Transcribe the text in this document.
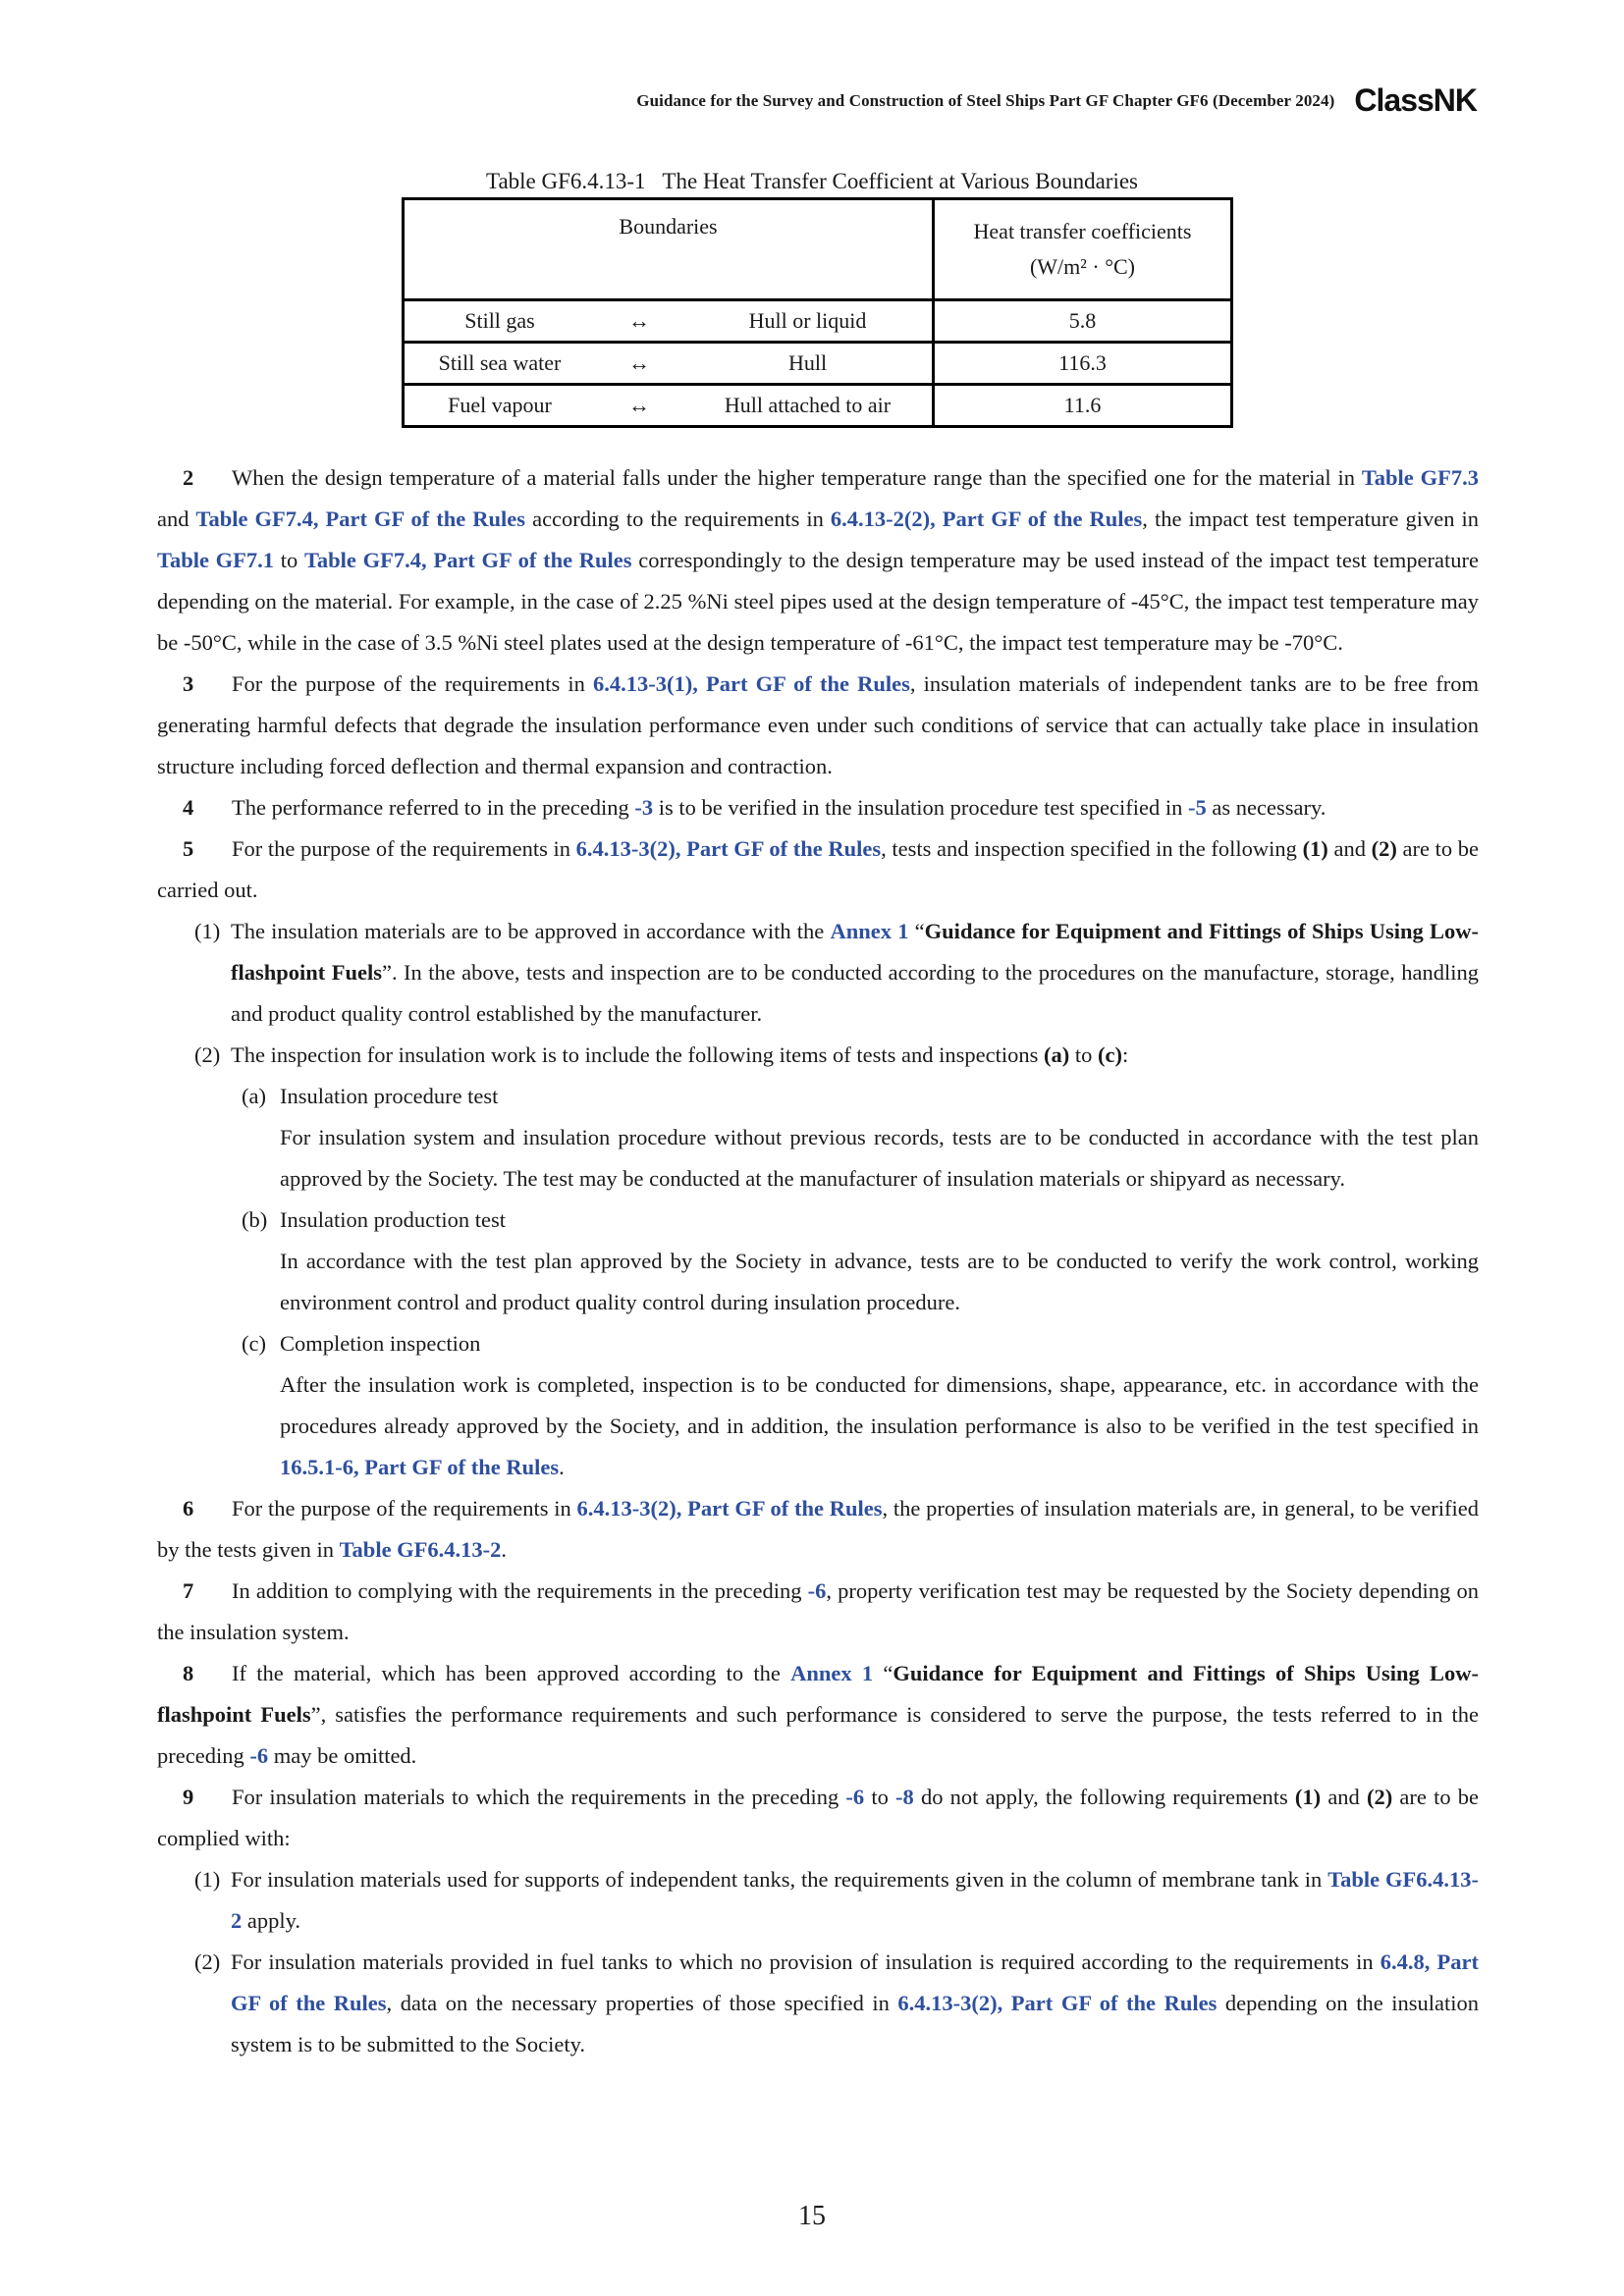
Guidance for the Survey and Construction of Steel Ships Part GF Chapter GF6 (December 2024) ClassNK
Table GF6.4.13-1   The Heat Transfer Coefficient at Various Boundaries
Boundaries	Heat transfer coefficients
(W/m² · °C)

Still gas ↔ Hull or liquid	5.8

Still sea water ↔ Hull	116.3

Fuel vapour ↔ Hull attached to air	11.6

2 When the design temperature of a material falls under the higher temperature range than the specified one for the material in Table GF7.3 and Table GF7.4, Part GF of the Rules according to the requirements in 6.4.13-2(2), Part GF of the Rules, the impact test temperature given in Table GF7.1 to Table GF7.4, Part GF of the Rules correspondingly to the design temperature may be used instead of the impact test temperature depending on the material. For example, in the case of 2.25 %Ni steel pipes used at the design temperature of -45°C, the impact test temperature may be -50°C, while in the case of 3.5 %Ni steel plates used at the design temperature of -61°C, the impact test temperature may be -70°C.

3 For the purpose of the requirements in 6.4.13-3(1), Part GF of the Rules, insulation materials of independent tanks are to be free from generating harmful defects that degrade the insulation performance even under such conditions of service that can actually take place in insulation structure including forced deflection and thermal expansion and contraction.

4 The performance referred to in the preceding -3 is to be verified in the insulation procedure test specified in -5 as necessary.

5 For the purpose of the requirements in 6.4.13-3(2), Part GF of the Rules, tests and inspection specified in the following (1) and (2) are to be carried out.

(1) The insulation materials are to be approved in accordance with the Annex 1 “Guidance for Equipment and Fittings of Ships Using Low-flashpoint Fuels”. In the above, tests and inspection are to be conducted according to the procedures on the manufacture, storage, handling and product quality control established by the manufacturer.

(2) The inspection for insulation work is to include the following items of tests and inspections (a) to (c):

(a) Insulation procedure test

For insulation system and insulation procedure without previous records, tests are to be conducted in accordance with the test plan approved by the Society. The test may be conducted at the manufacturer of insulation materials or shipyard as necessary.

(b) Insulation production test

In accordance with the test plan approved by the Society in advance, tests are to be conducted to verify the work control, working environment control and product quality control during insulation procedure.

(c) Completion inspection

After the insulation work is completed, inspection is to be conducted for dimensions, shape, appearance, etc. in accordance with the procedures already approved by the Society, and in addition, the insulation performance is also to be verified in the test specified in 16.5.1-6, Part GF of the Rules.

6 For the purpose of the requirements in 6.4.13-3(2), Part GF of the Rules, the properties of insulation materials are, in general, to be verified by the tests given in Table GF6.4.13-2.

7 In addition to complying with the requirements in the preceding -6, property verification test may be requested by the Society depending on the insulation system.

8 If the material, which has been approved according to the Annex 1 “Guidance for Equipment and Fittings of Ships Using Low-flashpoint Fuels”, satisfies the performance requirements and such performance is considered to serve the purpose, the tests referred to in the preceding -6 may be omitted.

9 For insulation materials to which the requirements in the preceding -6 to -8 do not apply, the following requirements (1) and (2) are to be complied with:

(1) For insulation materials used for supports of independent tanks, the requirements given in the column of membrane tank in Table GF6.4.13-2 apply.

(2) For insulation materials provided in fuel tanks to which no provision of insulation is required according to the requirements in 6.4.8, Part GF of the Rules, data on the necessary properties of those specified in 6.4.13-3(2), Part GF of the Rules depending on the insulation system is to be submitted to the Society.

15
